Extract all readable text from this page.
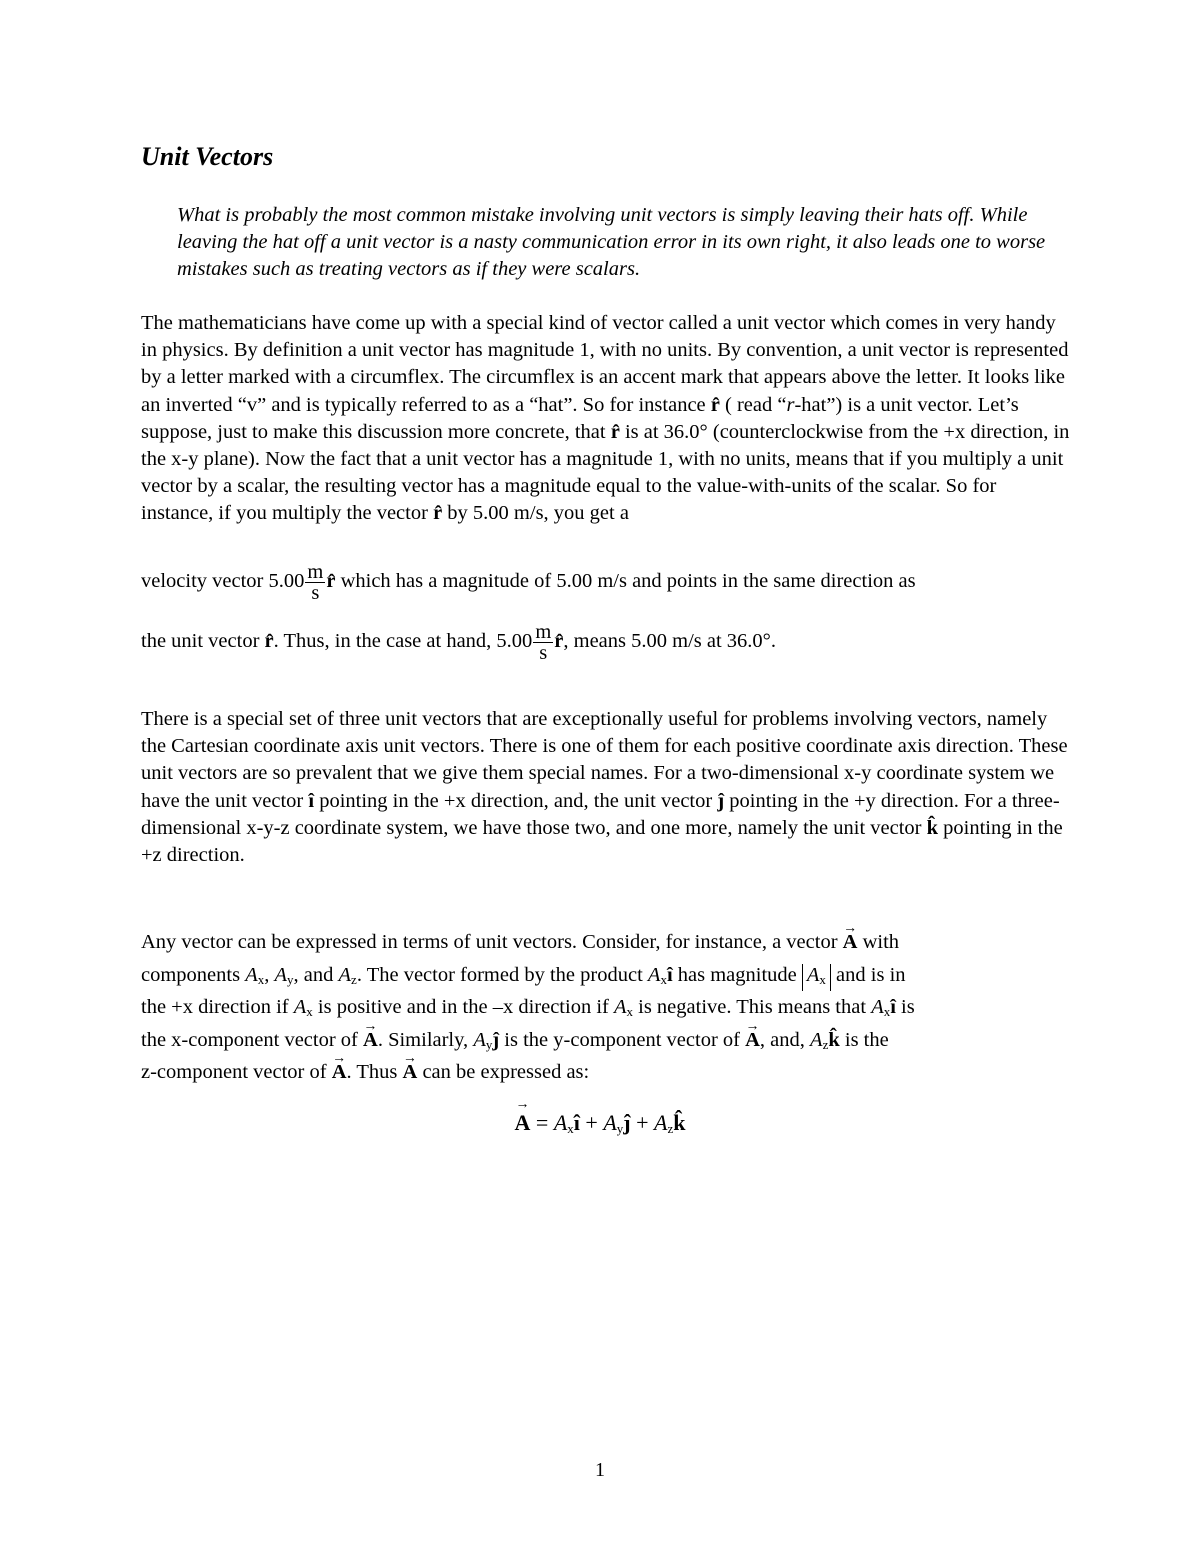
Unit Vectors
What is probably the most common mistake involving unit vectors is simply leaving their hats off. While leaving the hat off a unit vector is a nasty communication error in its own right, it also leads one to worse mistakes such as treating vectors as if they were scalars.
The mathematicians have come up with a special kind of vector called a unit vector which comes in very handy in physics. By definition a unit vector has magnitude 1, with no units. By convention, a unit vector is represented by a letter marked with a circumflex. The circumflex is an accent mark that appears above the letter. It looks like an inverted “v” and is typically referred to as a “hat”. So for instance r̂ ( read “r-hat”) is a unit vector. Let’s suppose, just to make this discussion more concrete, that r̂ is at 36.0° (counterclockwise from the +x direction, in the x-y plane). Now the fact that a unit vector has a magnitude 1, with no units, means that if you multiply a unit vector by a scalar, the resulting vector has a magnitude equal to the value-with-units of the scalar. So for instance, if you multiply the vector r̂ by 5.00 m/s, you get a
velocity vector $5.00 \frac{m}{s}$ r̂ which has a magnitude of 5.00 m/s and points in the same direction as
the unit vector r̂. Thus, in the case at hand, $5.00 \frac{m}{s}$ r̂, means 5.00 m/s at 36.0°.
There is a special set of three unit vectors that are exceptionally useful for problems involving vectors, namely the Cartesian coordinate axis unit vectors. There is one of them for each positive coordinate axis direction. These unit vectors are so prevalent that we give them special names. For a two-dimensional x-y coordinate system we have the unit vector î pointing in the +x direction, and, the unit vector ĵ pointing in the +y direction. For a three-dimensional x-y-z coordinate system, we have those two, and one more, namely the unit vector k̂ pointing in the +z direction.
Any vector can be expressed in terms of unit vectors. Consider, for instance, a vector → A with
components $A_x$, $A_y$, and $A_z$. The vector formed by the product $A_xî$ has magnitude $A_x$ and is in
the +x direction if $A_x$ is positive and in the –x direction if $A_x$ is negative. This means that $A_xî$ is
the x-component vector of → A. Similarly, $A_yĵ$ is the y-component vector of → A, and, $A_zk̂$ is the
z-component vector of → A. Thus → A can be expressed as:
→ $A = A_xî$ + $A_yĵ$ + $A_zk̂$
1
